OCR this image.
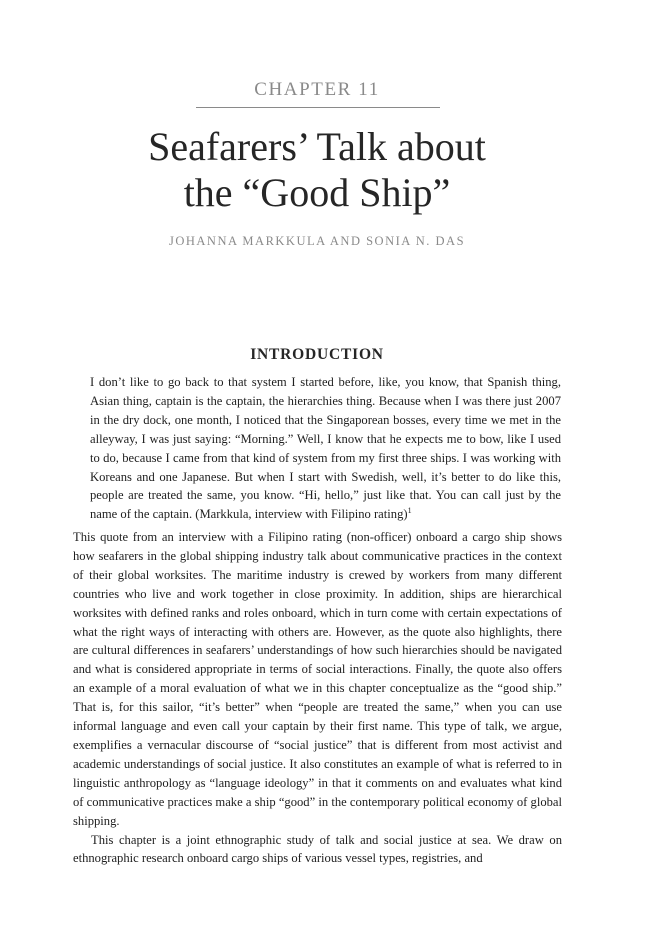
CHAPTER 11
Seafarers’ Talk about
the “Good Ship”
JOHANNA MARKKULA AND SONIA N. DAS
INTRODUCTION
I don’t like to go back to that system I started before, like, you know, that Spanish thing, Asian thing, captain is the captain, the hierarchies thing. Because when I was there just 2007 in the dry dock, one month, I noticed that the Singaporean bosses, every time we met in the alleyway, I was just saying: “Morning.” Well, I know that he expects me to bow, like I used to do, because I came from that kind of system from my first three ships. I was working with Koreans and one Japanese. But when I start with Swedish, well, it’s better to do like this, people are treated the same, you know. “Hi, hello,” just like that. You can call just by the name of the captain. (Markkula, interview with Filipino rating)$^1$

This quote from an interview with a Filipino rating (non-officer) onboard a cargo ship shows how seafarers in the global shipping industry talk about communicative practices in the context of their global worksites. The maritime industry is crewed by workers from many different countries who live and work together in close proximity. In addition, ships are hierarchical worksites with defined ranks and roles onboard, which in turn come with certain expectations of what the right ways of interacting with others are. However, as the quote also highlights, there are cultural differences in seafarers’ understandings of how such hierarchies should be navigated and what is considered appropriate in terms of social interactions. Finally, the quote also offers an example of a moral evaluation of what we in this chapter conceptualize as the “good ship.” That is, for this sailor, “it’s better” when “people are treated the same,” when you can use informal language and even call your captain by their first name. This type of talk, we argue, exemplifies a vernacular discourse of “social justice” that is different from most activist and academic understandings of social justice. It also constitutes an example of what is referred to in linguistic anthropology as “language ideology” in that it comments on and evaluates what kind of communicative practices make a ship “good” in the contemporary political economy of global shipping.

This chapter is a joint ethnographic study of talk and social justice at sea. We draw on ethnographic research onboard cargo ships of various vessel types, registries, and
